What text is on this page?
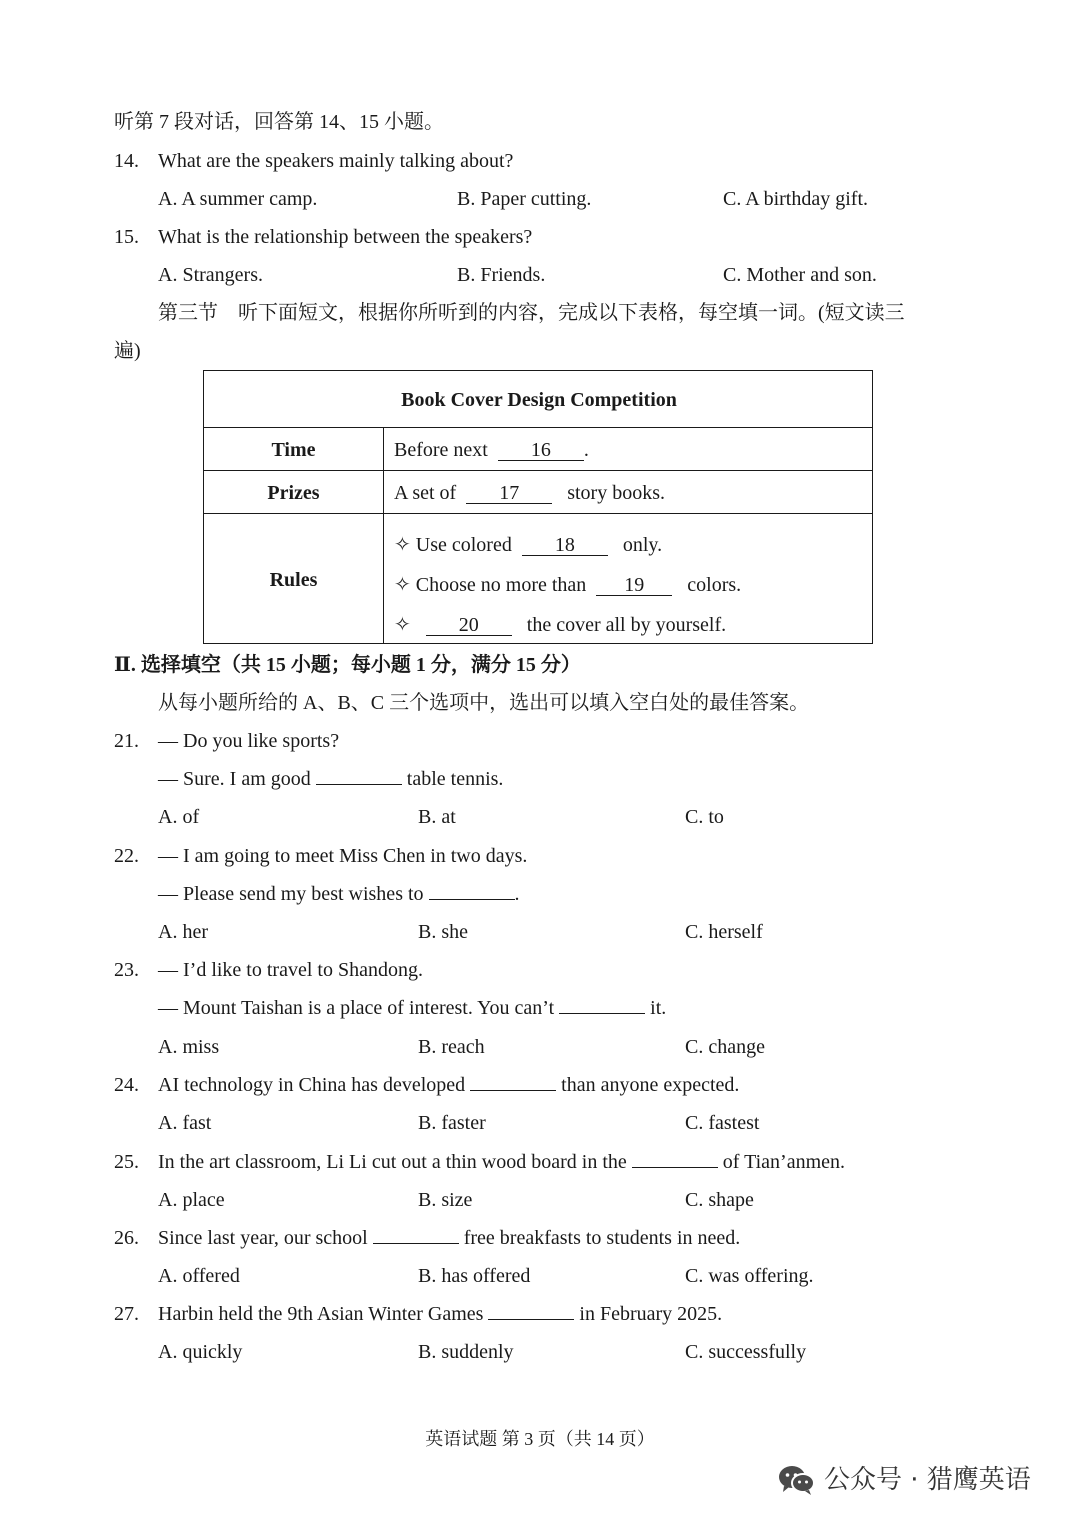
听第 7 段对话，回答第 14、15 小题。
14. What are the speakers mainly talking about?
A. A summer camp.	B. Paper cutting.	C. A birthday gift.
15. What is the relationship between the speakers?
A. Strangers.	B. Friends.	C. Mother and son.
第三节　听下面短文，根据你所听到的内容，完成以下表格，每空填一词。(短文读三
遍)
Book Cover Design Competition
Time	Before next 16 .
Prizes	A set of 17 story books.
Rules
✧ Use colored 18 only.
✧ Choose no more than 19 colors.
✧ 20 the cover all by yourself.
Ⅱ. 选择填空（共 15 小题；每小题 1 分，满分 15 分）
从每小题所给的 A、B、C 三个选项中，选出可以填入空白处的最佳答案。
21. — Do you like sports?
— Sure. I am good	table tennis.
A. of	B. at	C. to
22. — I am going to meet Miss Chen in two days.
— Please send my best wishes to	.
A. her	B. she	C. herself
23. — I’d like to travel to Shandong.
— Mount Taishan is a place of interest. You can’t	it.
A. miss	B. reach	C. change
24. AI technology in China has developed	than anyone expected.
A. fast	B. faster	C. fastest
25. In the art classroom, Li Li cut out a thin wood board in the	of Tian’anmen.
A. place	B. size	C. shape
26. Since last year, our school	free breakfasts to students in need.
A. offered	B. has offered	C. was offering.
27. Harbin held the 9th Asian Winter Games	in February 2025.
A. quickly	B. suddenly	C. successfully
英语试题 第 3 页（共 14 页）
公众号 · 猎鹰英语
